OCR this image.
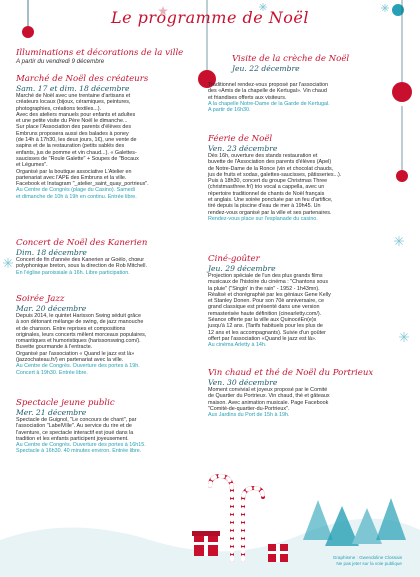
Le programme de Noël
Illuminations et décorations de la ville
A partir du vendredi 9 décembre
Marché de Noël des créateurs
Sam. 17 et dim. 18 décembre
Marché de Noël avec une trentaine d'artisans et
créateurs locaux (bijoux, céramiques, peintures,
photographies, créations textiles...).
Avec des ateliers manuels pour enfants et adultes
et une petite visite du Père Noël le dimanche...
Sur place l'Association des parents d'élèves des
Embruns proposera aussi des balades à poney
(de 14h à 17h30, les deux jours, 1€), une vente de
sapins et de la restauration (petits sablés des
enfants, jus de pomme et vin chaud...). « Galettes-
saucisses de "Roule Galette" + Soupes de "Bocaux
et Légumes".
Organisé par la boutique associative L'Atelier en
partenariat avec l'APE des Embruns et la ville.
Facebook et Instagram "_atelier_saint_quay_portrieux".
Au Centre de Congrès (plage du Casino). Samedi
et dimanche de 10h à 19h en continu. Entrée libre.
Concert de Noël des Kanerien
Dim. 18 décembre
Concert de fin d'année des Kanerien ar Goëlo, chœur
polyphonique breton, sous la direction de Rob Mitchell.
En l'église paroissiale à 16h. Libre participation.
Soirée Jazz
Mar. 20 décembre
Depuis 2014, le quintet Harisson Swing séduit grâce
à son détonant mélange de swing, de jazz manouche
et de chanson. Entre reprises et compositions
originales, leurs concerts mêlent morceaux populaires,
romantiques et humoristiques (harissonswing.com/).
Buvette gourmande à l'entracte.
Organisé par l'association « Quand le jazz est là»
(jazzochateau.fr/) en partenariat avec la ville.
Au Centre de Congrès. Ouverture des portes à 19h.
Concert à 19h30. Entrée libre.
Spectacle jeune public
Mer. 21 décembre
Spectacle de Guignol, "Le concours de chant", par
l'association "LabelVille". Au service du rire et de
l'aventure, ce spectacle interactif est joué dans la
tradition et les enfants participent joyeusement.
Au Centre de Congrès. Ouverture des portes à 16h15.
Spectacle à 16h30. 40 minutes environ. Entrée libre.
Visite de la crèche de Noël
Jeu. 22 décembre
Traditionnel rendez-vous proposé par l'association
des «Amis de la chapelle de Kertugal». Vin chaud
et friandises offerts aux visiteurs.
A la chapelle Notre-Dame de la Garde de Kertugal.
A partir de 16h30.
Féerie de Noël
Ven. 23 décembre
Dès 16h, ouverture des stands restauration et
buvette de l'Association des parents d'élèves (Apel)
de Notre-Dame de la Ronce (vin et chocolat chauds,
jus de fruits et sodas, galettes-saucisses, pâtisseries...).
Puis à 18h30, concert du groupe Christmas Three
(christmasthree.fr/) trio vocal a cappella, avec un
répertoire traditionnel de chants de Noël français
et anglais. Une soirée ponctuée par un feu d'artifice,
tiré depuis la piscine d'eau de mer à 19h45. Un
rendez-vous organisé par la ville et ses partenaires.
Rendez-vous place sur l'esplanade du casino.
Ciné-goûter
Jeu. 29 décembre
Projection spéciale de l'un des plus grands films
musicaux de l'histoire du cinéma : "Chantons sous
la pluie" ("Singin' in the rain" - 1952 - 1h43mn).
Réalisé et chorégraphié par les géniaux Gene Kelly
et Stanley Donen. Pour son 70è anniversaire, ce
grand classique est présenté dans une version
remasterisée haute définition (cinearletty.com/).
Séance offerte par la ville aux QuinocéEn(e)s
jusqu'à 12 ans. (Tarifs habituels pour les plus de
12 ans et les accompagnants). Suivie d'un goûter
offert par l'association «Quand le jazz est là».
Au cinéma Arletty à 14h.
Vin chaud et thé de Noël du Portrieux
Ven. 30 décembre
Moment convivial et joyeux proposé par le Comité
de Quartier du Portrieux. Vin chaud, thé et gâteaux
maison. Avec animation musicale. Page Facebook
"Comité-de-quartier-du-Portrieux".
Aux Jardins du Port de 15h à 19h.
Graphisme : Gwendoline Clossais
Ne pas jeter sur la voie publique
